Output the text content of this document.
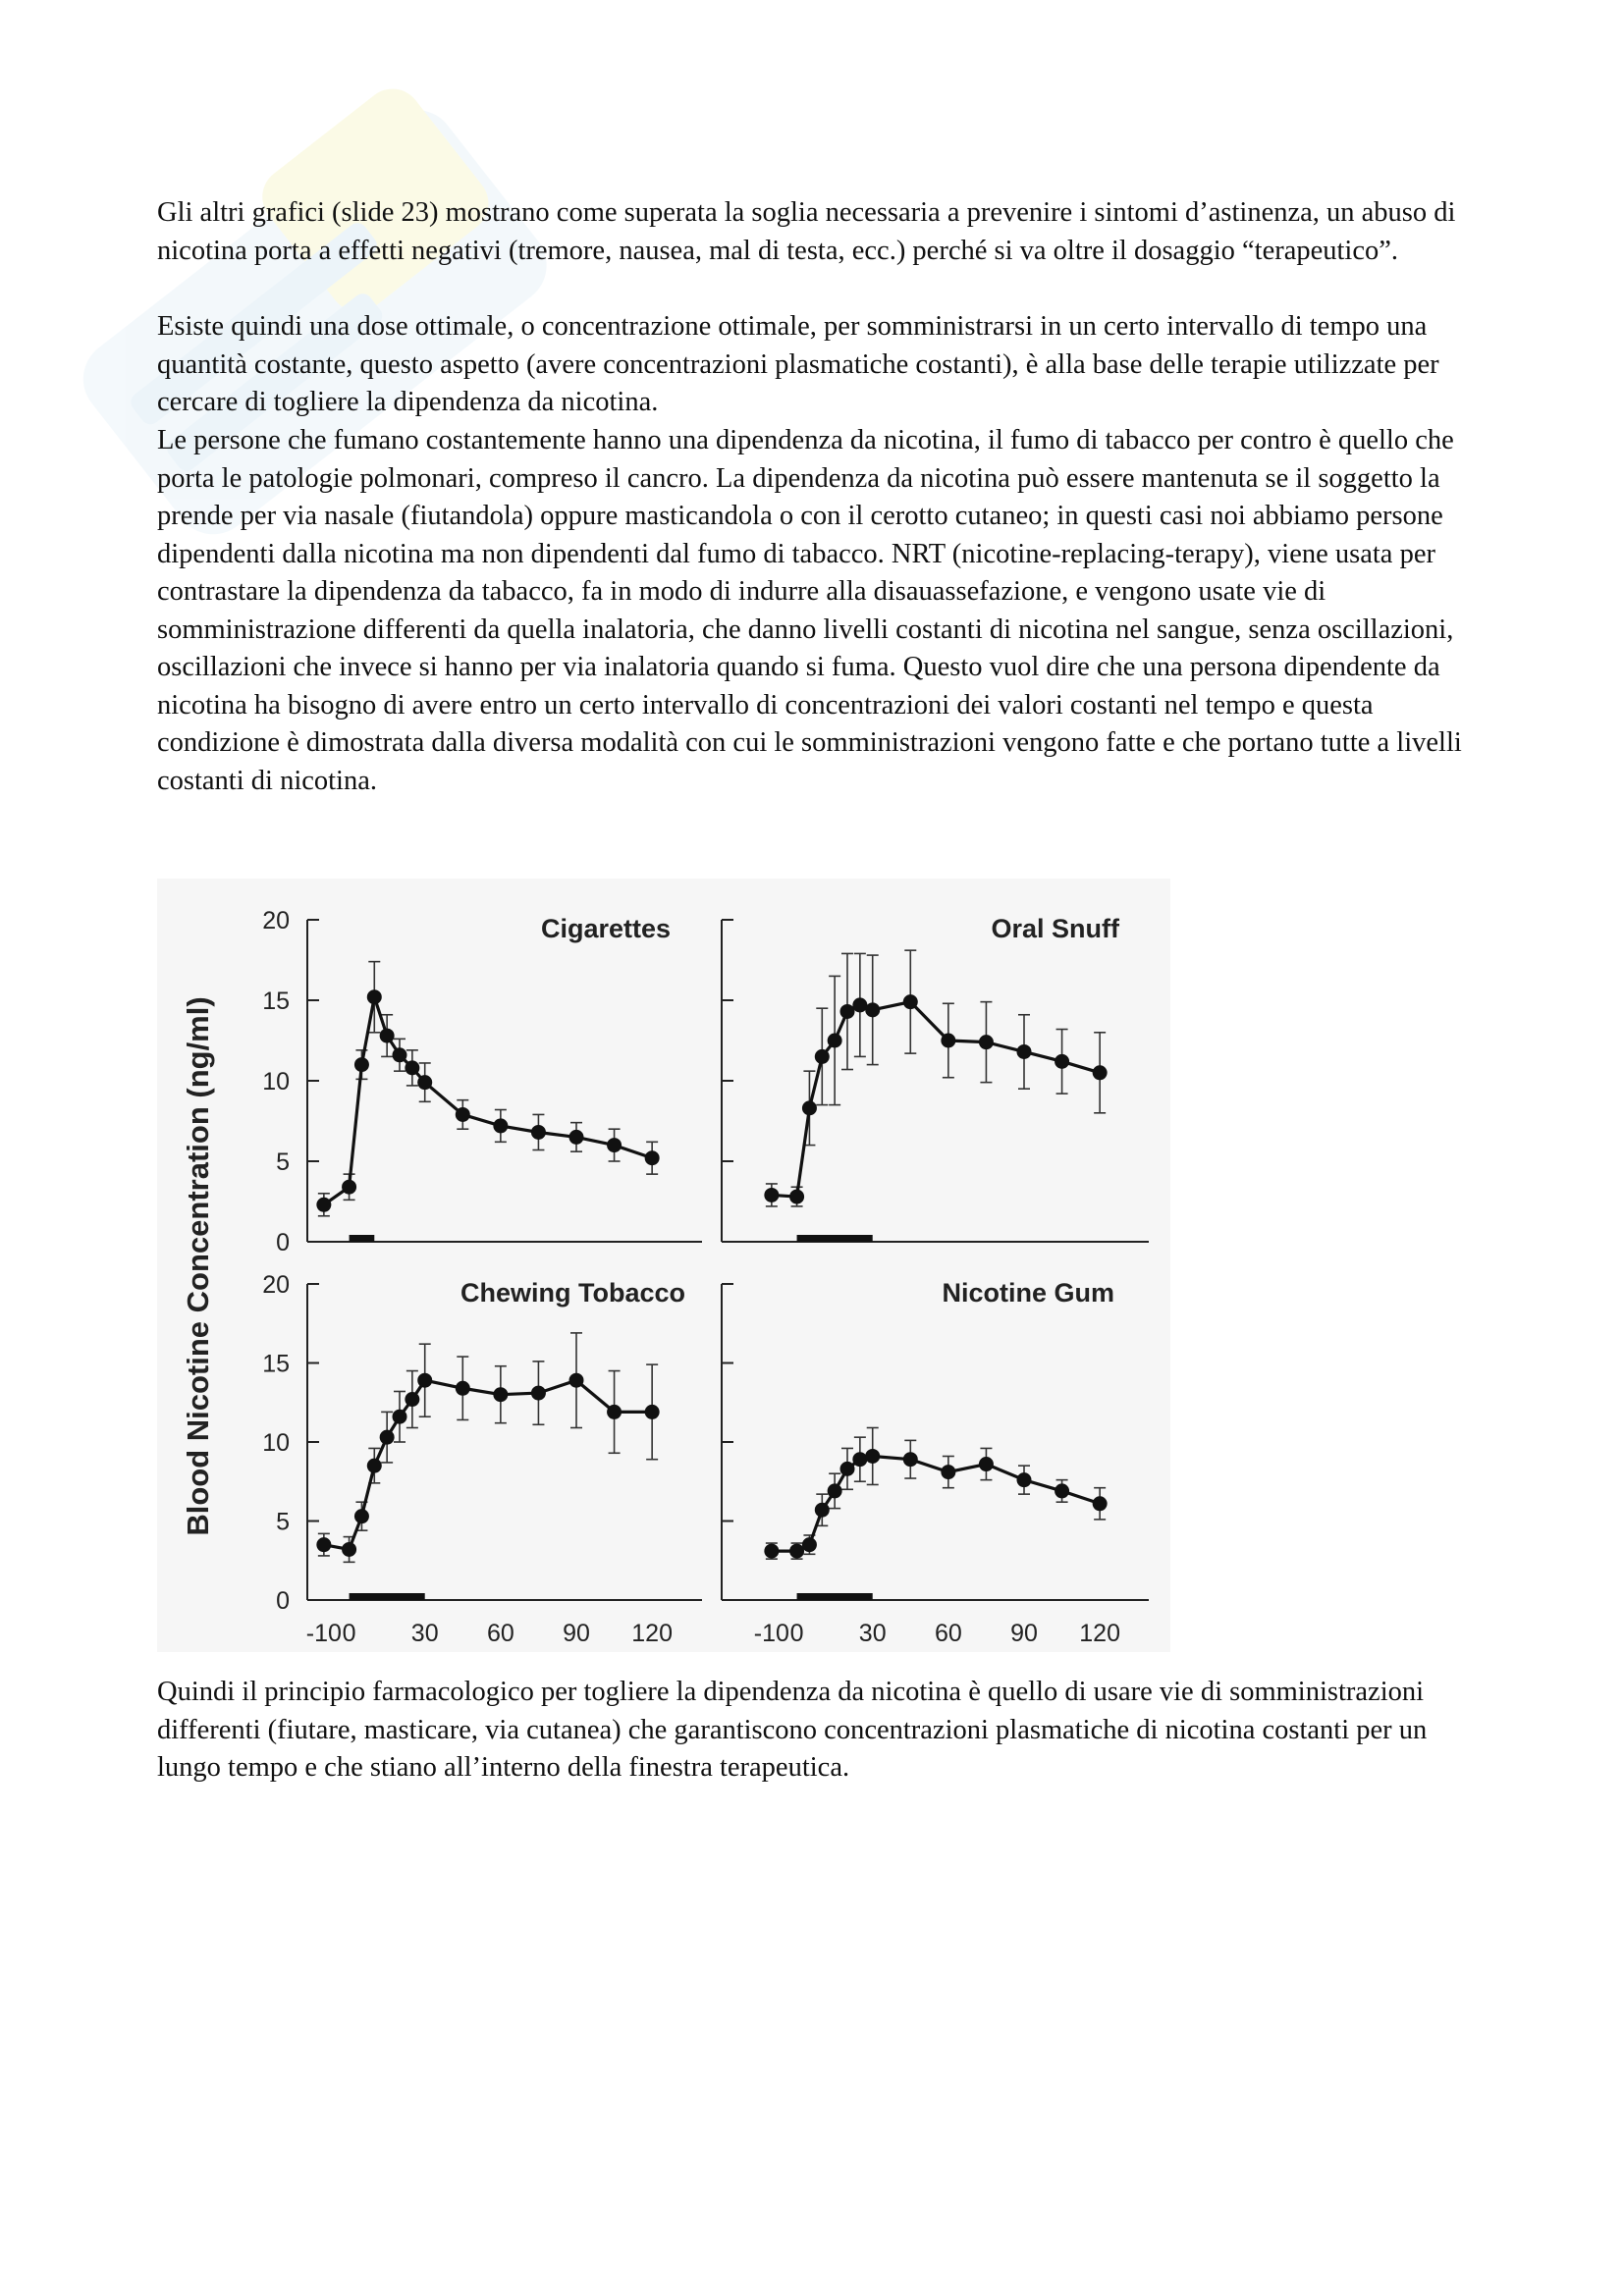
Gli altri grafici (slide 23) mostrano come superata la soglia necessaria a prevenire i sintomi d’astinenza, un abuso di nicotina porta a effetti negativi (tremore, nausea, mal di testa, ecc.) perché si va oltre il dosaggio “terapeutico”.

Esiste quindi una dose ottimale, o concentrazione ottimale, per somministrarsi in un certo intervallo di tempo una quantità costante, questo aspetto (avere concentrazioni plasmatiche costanti), è alla base delle terapie utilizzate per cercare di togliere la dipendenza da nicotina.

Le persone che fumano costantemente hanno una dipendenza da nicotina, il fumo di tabacco per contro è quello che porta le patologie polmonari, compreso il cancro. La dipendenza da nicotina può essere mantenuta se il soggetto la prende per via nasale (fiutandola) oppure masticandola o con il cerotto cutaneo; in questi casi noi abbiamo persone dipendenti dalla nicotina ma non dipendenti dal fumo di tabacco. NRT (nicotine-replacing-terapy), viene usata per contrastare la dipendenza da tabacco, fa in modo di indurre alla disauassefazione, e vengono usate vie di somministrazione differenti da quella inalatoria, che danno livelli costanti di nicotina nel sangue, senza oscillazioni, oscillazioni che invece si hanno per via inalatoria quando si fuma. Questo vuol dire che una persona dipendente da nicotina ha bisogno di avere entro un certo intervallo di concentrazioni dei valori costanti nel tempo e questa condizione è dimostrata dalla diversa modalità con cui le somministrazioni vengono fatte e che portano tutte a livelli costanti di nicotina.

Blood Nicotine Concentration (ng/ml) 0
5
10
15
20	Cigarettes	Oral Snuff
0
5
10
15
20
-10 0 30 60 90 120
Chewing Tobacco
-10 0 30 60 90 120
Nicotine Gum

Quindi il principio farmacologico per togliere la dipendenza da nicotina è quello di usare vie di somministrazioni differenti (fiutare, masticare, via cutanea) che garantiscono concentrazioni plasmatiche di nicotina costanti per un lungo tempo e che stiano all’interno della finestra terapeutica.
